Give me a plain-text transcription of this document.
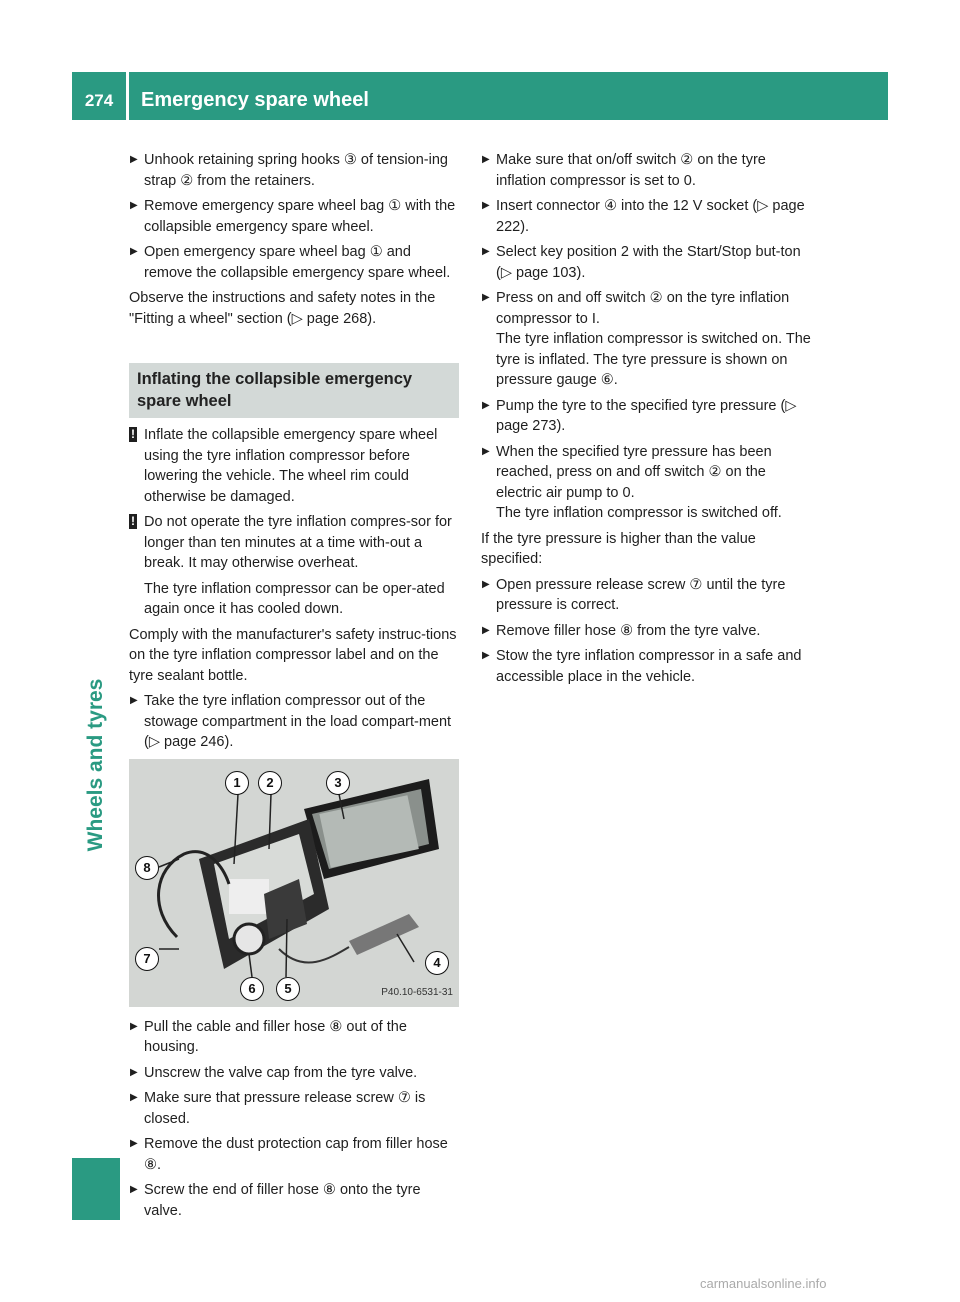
274	Emergency spare wheel
Wheels and tyres
▶ Unhook retaining spring hooks ③ of tension-ing strap ② from the retainers.
▶ Remove emergency spare wheel bag ① with the collapsible emergency spare wheel.
▶ Open emergency spare wheel bag ① and remove the collapsible emergency spare wheel.

Observe the instructions and safety notes in the "Fitting a wheel" section (▷ page 268).

Inflating the collapsible emergency spare wheel
! Inflate the collapsible emergency spare wheel using the tyre inflation compressor before lowering the vehicle. The wheel rim could otherwise be damaged.
! Do not operate the tyre inflation compres-sor for longer than ten minutes at a time with-out a break. It may otherwise overheat.

The tyre inflation compressor can be oper-ated again once it has cooled down.

Comply with the manufacturer's safety instruc-tions on the tyre inflation compressor label and on the tyre sealant bottle.

▶ Take the tyre inflation compressor out of the stowage compartment in the load compart-ment (▷ page 246).
1	2	3
4
5
6
7
8
P40.10-6531-31
▶ Pull the cable and filler hose ⑧ out of the housing.
▶ Unscrew the valve cap from the tyre valve.
▶ Make sure that pressure release screw ⑦ is closed.
▶ Remove the dust protection cap from filler hose ⑧.
▶ Screw the end of filler hose ⑧ onto the tyre valve.
▶ Make sure that on/off switch ② on the tyre inflation compressor is set to 0.
▶ Insert connector ④ into the 12 V socket (▷ page 222).
▶ Select key position 2 with the Start/Stop but-ton (▷ page 103).
▶ Press on and off switch ② on the tyre inflation compressor to I.
The tyre inflation compressor is switched on. The tyre is inflated. The tyre pressure is shown on pressure gauge ⑥.
▶ Pump the tyre to the specified tyre pressure (▷ page 273).
▶ When the specified tyre pressure has been reached, press on and off switch ② on the electric air pump to 0.
The tyre inflation compressor is switched off.

If the tyre pressure is higher than the value specified:

▶ Open pressure release screw ⑦ until the tyre pressure is correct.
▶ Remove filler hose ⑧ from the tyre valve.
▶ Stow the tyre inflation compressor in a safe and accessible place in the vehicle.
carmanualsonline.info
